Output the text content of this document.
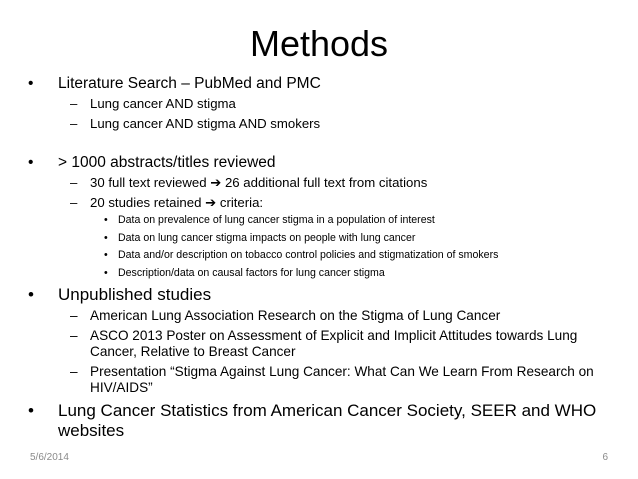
Methods

• Literature Search – PubMed and PMC

– Lung cancer AND stigma

– Lung cancer AND stigma AND smokers

• > 1000 abstracts/titles reviewed

– 30 full text reviewed ➔ 26 additional full text from citations

– 20 studies retained ➔ criteria:

• Data on prevalence of lung cancer stigma in a population of interest

• Data on lung cancer stigma impacts on people with lung cancer

• Data and/or description on tobacco control policies and stigmatization of smokers

• Description/data on causal factors for lung cancer stigma

• Unpublished studies

– American Lung Association Research on the Stigma of Lung Cancer

– ASCO 2013 Poster on Assessment of Explicit and Implicit Attitudes towards Lung Cancer, Relative to Breast Cancer

– Presentation “Stigma Against Lung Cancer: What Can We Learn From Research on HIV/AIDS”

• Lung Cancer Statistics from American Cancer Society, SEER and WHO websites

5/6/2014	6
